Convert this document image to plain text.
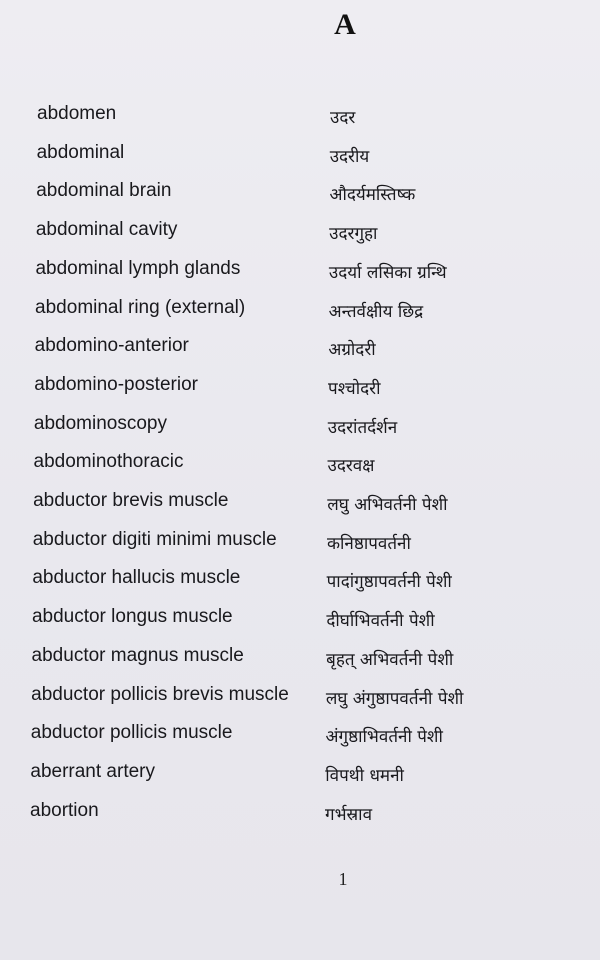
A
abdomen	उदर
abdominal	उदरीय
abdominal brain	औदर्यमस्तिष्क
abdominal cavity	उदरगुहा
abdominal lymph glands	उदर्या लसिका ग्रन्थि
abdominal ring (external)	अन्तर्वक्षीय छिद्र
abdomino-anterior	अग्रोदरी
abdomino-posterior	पश्चोदरी
abdominoscopy	उदरांतर्दर्शन
abdominothoracic	उदरवक्ष
abductor brevis muscle	लघु अभिवर्तनी पेशी
abductor digiti minimi muscle	कनिष्ठापवर्तनी
abductor hallucis muscle	पादांगुष्ठापवर्तनी पेशी
abductor longus muscle	दीर्घाभिवर्तनी पेशी
abductor magnus muscle	बृहत् अभिवर्तनी पेशी
abductor pollicis brevis muscle लघु अंगुष्ठापवर्तनी पेशी
abductor pollicis muscle	अंगुष्ठाभिवर्तनी पेशी
aberrant artery	विपथी धमनी
abortion	गर्भस्राव
1
